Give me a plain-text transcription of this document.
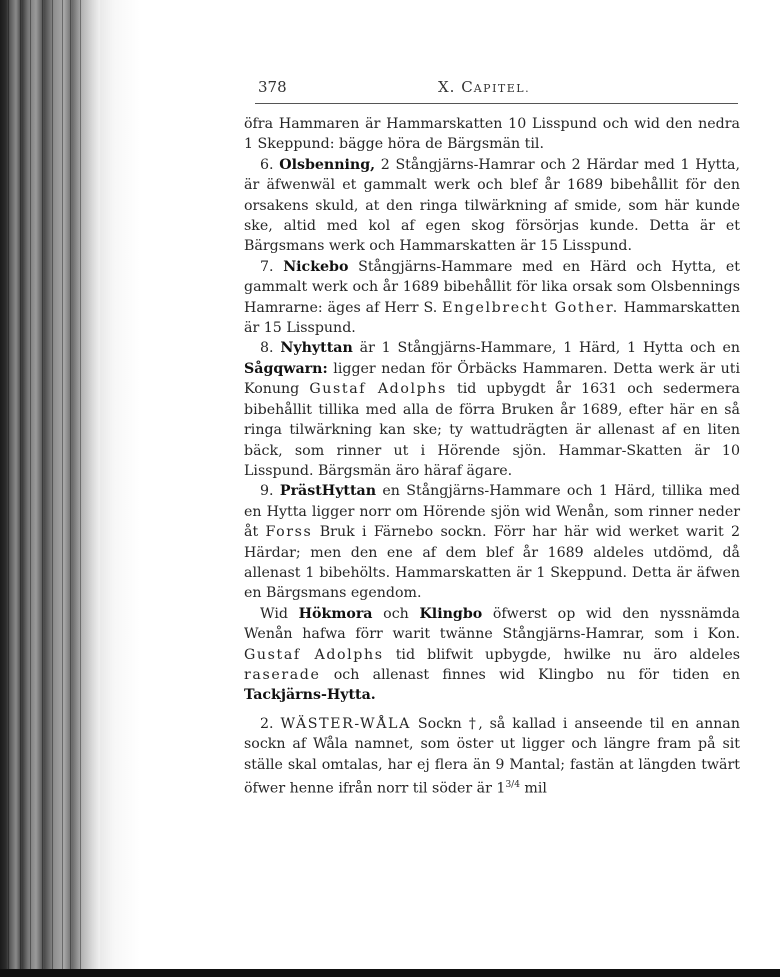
378	X. CAPITEL.

öfra Hammaren är Hammarskatten 10 Lisspund och wid den nedra 1 Skeppund: bägge höra de Bärgsmän til.

6. Olsbenning, 2 Stångjärns-Hamrar och 2 Härdar med 1 Hytta, är äfwenwäl et gammalt werk och blef år 1689 bibehållit för den orsakens skuld, at den ringa tilwärkning af smide, som här kunde ske, altid med kol af egen skog försörjas kunde. Detta är et Bärgsmans werk och Hammarskatten är 15 Lisspund.

7. Nickebo Stångjärns-Hammare med en Härd och Hytta, et gammalt werk och år 1689 bibehållit för lika orsak som Olsbennings Hamrarne: äges af Herr S. Engelbrecht Gother. Hammarskatten är 15 Lisspund.

8. Nyhyttan är 1 Stångjärns-Hammare, 1 Härd, 1 Hytta och en Sågqwarn: ligger nedan för Örbäcks Hammaren. Detta werk är uti Konung Gustaf Adolphs tid upbygdt år 1631 och sedermera bibehållit tillika med alla de förra Bruken år 1689, efter här en så ringa tilwärkning kan ske; ty wattudrägten är allenast af en liten bäck, som rinner ut i Hörende sjön. Hammar-Skatten är 10 Lisspund. Bärgsmän äro häraf ägare.

9. PrästHyttan en Stångjärns-Hammare och 1 Härd, tillika med en Hytta ligger norr om Hörende sjön wid Wenån, som rinner neder åt Forss Bruk i Färnebo sockn. Förr har här wid werket warit 2 Härdar; men den ene af dem blef år 1689 aldeles utdömd, då allenast 1 bibehölts. Hammarskatten är 1 Skeppund. Detta är äfwen en Bärgsmans egendom.

Wid Hökmora och Klingbo öfwerst op wid den nyssnämda Wenån hafwa förr warit twänne Stångjärns-Hamrar, som i Kon. Gustaf Adolphs tid blifwit upbygde, hwilke nu äro aldeles raserade och allenast finnes wid Klingbo nu för tiden en Tackjärns-Hytta.

2. WÄSTER-WÅLA Sockn †, så kallad i anseende til en annan sockn af Wåla namnet, som öster ut ligger och längre fram på sit ställe skal omtalas, har ej flera än 9 Mantal; fastän at längden twärt öfwer henne ifrån norr til söder är $1^{3/4}$ mil
